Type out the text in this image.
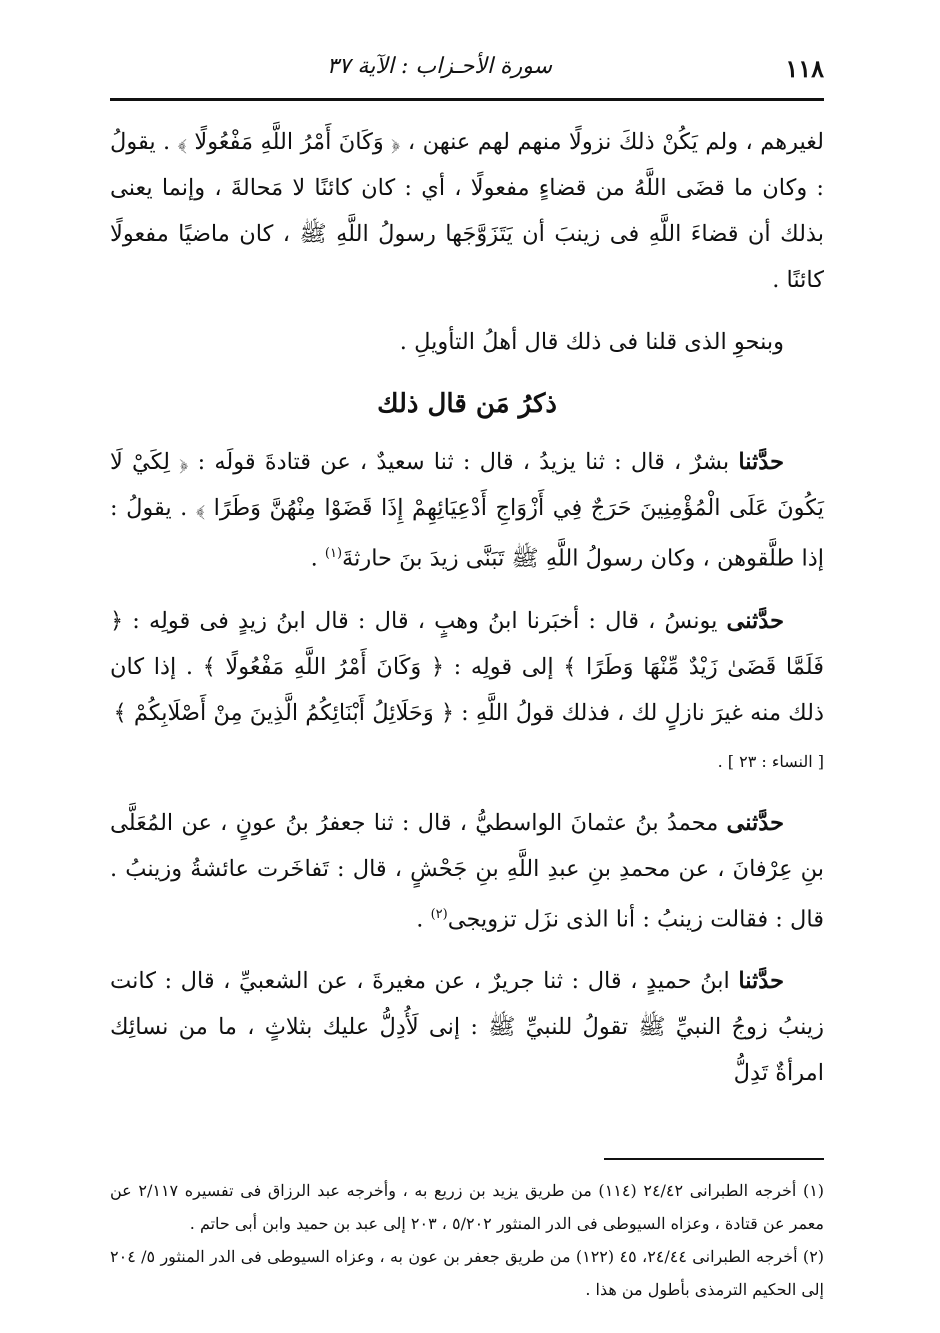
١١٨
سورة الأحـزاب : الآية ٣٧

لغيرهم ، ولم يَكُنْ ذلكَ نزولًا منهم لهم عنهن ، ﴿ وَكَانَ أَمْرُ اللَّهِ مَفْعُولًا ﴾ . يقولُ : وكان ما قضَى اللَّهُ من قضاءٍ مفعولًا ، أي : كان كائنًا لا مَحالةَ ، وإنما يعنى بذلك أن قضاءَ اللَّهِ فى زينبَ أن يَتَزَوَّجَها رسولُ اللَّهِ ﷺ ، كان ماضيًا مفعولًا كائنًا .

وبنحوِ الذى قلنا فى ذلك قال أهلُ التأويلِ .

ذكرُ مَن قال ذلك

حدَّثنا بشرٌ ، قال : ثنا يزيدُ ، قال : ثنا سعيدٌ ، عن قتادةَ قولَه : ﴿ لِكَيْ لَا يَكُونَ عَلَى الْمُؤْمِنِينَ حَرَجٌ فِي أَزْوَاجِ أَدْعِيَائِهِمْ إِذَا قَضَوْا مِنْهُنَّ وَطَرًا ﴾ . يقولُ : إذا طلَّقوهن ، وكان رسولُ اللَّهِ ﷺ تَبَنَّى زيدَ بنَ حارثةَ$^{(١)}$ .

حدَّثنى يونسُ ، قال : أخبَرنا ابنُ وهبٍ ، قال : قال ابنُ زيدٍ فى قولِه : ﴿ فَلَمَّا قَضَىٰ زَيْدٌ مِّنْهَا وَطَرًا ﴾ إلى قولِه : ﴿ وَكَانَ أَمْرُ اللَّهِ مَفْعُولًا ﴾ . إذا كان ذلك منه غيرَ نازلٍ لك ، فذلك قولُ اللَّهِ : ﴿ وَحَلَائِلُ أَبْنَائِكُمُ الَّذِينَ مِنْ أَصْلَابِكُمْ ﴾

[ النساء : ٢٣ ] .

حدَّثنى محمدُ بنُ عثمانَ الواسطيُّ ، قال : ثنا جعفرُ بنُ عونٍ ، عن المُعَلَّى بنِ عِرْفانَ ، عن محمدِ بنِ عبدِ اللَّهِ بنِ جَحْشٍ ، قال : تَفاخَرت عائشةُ وزينبُ . قال : فقالت زينبُ : أنا الذى نزَل تزويجى$^{(٢)}$ .

حدَّثنا ابنُ حميدٍ ، قال : ثنا جريرٌ ، عن مغيرةَ ، عن الشعبيِّ ، قال : كانت زينبُ زوجُ النبيِّ ﷺ تقولُ للنبيِّ ﷺ : إنى لَأُدِلُّ عليك بثلاثٍ ، ما من نسائِك امرأةٌ تَدِلُّ

(١) أخرجه الطبرانى ٢٤/٤٢ (١١٤) من طريق يزيد بن زريع به ، وأخرجه عبد الرزاق فى تفسيره ٢/١١٧ عن معمر عن قتادة ، وعزاه السيوطى فى الدر المنثور ٥/٢٠٢ ، ٢٠٣ إلى عبد بن حميد وابن أبى حاتم .

(٢) أخرجه الطبرانى ٢٤/٤٤، ٤٥ (١٢٢) من طريق جعفر بن عون به ، وعزاه السيوطى فى الدر المنثور ٥/ ٢٠٤ إلى الحكيم الترمذى بأطول من هذا .
